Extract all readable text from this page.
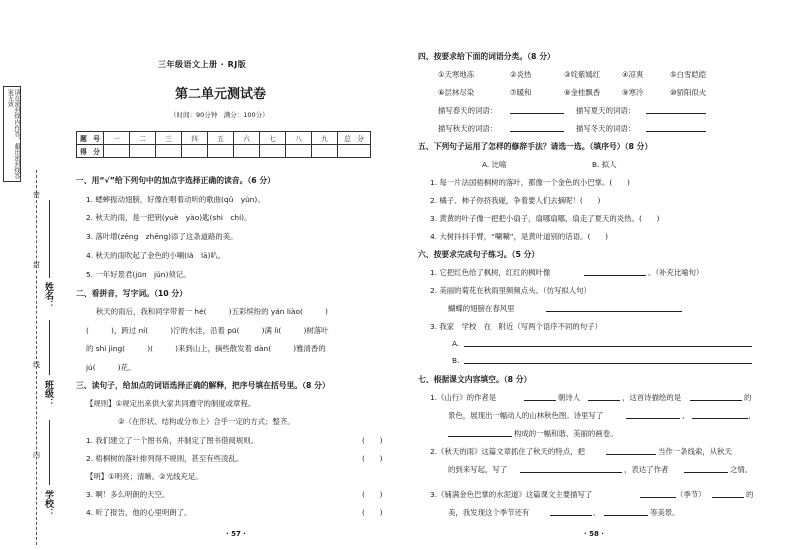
请在密封线内作答，超出密封线答案无效
姓名：
班级：
学校：
密
封
线
内
三年级语文上册 · RJ版
第二单元测试卷
（时间：90分钟　满分：100分）
题　号	一	二	三	四	五	六	七	八	九	总　分
得　分										
一、用“√”给下列句中的加点字选择正确的读音。（6 分）
1. 蟋蟀振动翅膀，好像在唱着动听的歌曲(qǔ　yùn)。
2. 秋天的雨，是一把钥(yuè　yào)匙(shi　chí)。
3. 落叶增(zēng　zhēng)添了这条道路的美。
4. 秋天的雨吹起了金色的小喇(lǎ　lā)叭。
5. 一年好景君(jūn　jǔn)须记。
二、看拼音，写字词。（10 分）
秋天的雨后，我和同学带着一 hé(　　　)五彩缤纷的 yán liào(　　　)
(　　　)，跨过 ní(　　　)泞的水洼，沿着 pū(　　　)满 lì(　　　)树落叶
的 shí jìng(　　　)(　　　)来到山上，摘些散发着 dàn(　　　)雅清香的
jú(　　　)花。
三、读句子，给加点的词语选择正确的解释，把序号填在括号里。（8 分）
【规则】①规定出来供大家共同遵守的制度或章程。
②（在形状、结构或分布上）合乎一定的方式；整齐。
1. 我们建立了一个图书角，并制定了图书借阅规则。	(　　)
2. 梧桐树的落叶排列得不规则，甚至有些凌乱。	(　　)
【明】①明亮；清晰。②光线充足。
3. 啊！多么明朗的天空。	(　　)
4. 听了报告，他的心里明朗了。	(　　)
· 57 ·
四、按要求给下面的词语分类。（8 分）
①天寒地冻	②炎热	③姹紫嫣红	④凉爽	⑤白雪皑皑
⑥层林尽染	⑦暖和	⑧金桂飘香	⑨寒冷	⑩骄阳似火
描写春天的词语：	描写夏天的词语：
描写秋天的词语：	描写冬天的词语：
五、下列句子运用了怎样的修辞手法？请选一选。（填序号）（8 分）
A. 比喻	B. 拟人
1. 每一片法国梧桐树的落叶，都像一个金色的小巴掌。(　　)
2. 橘子、柿子你挤我碰，争着要人们去摘呢！(　　)
3. 黄黄的叶子像一把把小扇子，扇哪扇哪，扇走了夏天的炎热。(　　)
4. 大树抖抖手臂，“唰唰”，是黄叶道别的话语。(　　)
六、按要求完成句子练习。（5 分）
1. 它把红色给了枫树，红红的枫叶像	。（补充比喻句）
2. 美丽的菊花在秋雨里频频点头。（仿写拟人句）
蝴蝶的翅膀在春风里
3. 我家　学校　在　附近（写两个语序不同的句子）
A.
B.
七、根据课文内容填空。（8 分）
1.《山行》的作者是	朝诗人	，这首诗描绘的是	的
景色，展现出一幅动人的山林秋色图。诗里写了	、	、
构成的一幅和谐、美丽的画卷。
2.《秋天的雨》这篇文章抓住了秋天的特点，把	当作一条线索，从秋天
的到来写起，写了	，表达了作者	之情。
3.《铺满金色巴掌的水泥道》这篇课文主要描写了	（季节）	的
美，我发现这个季节还有	、	等美景。
· 58 ·
